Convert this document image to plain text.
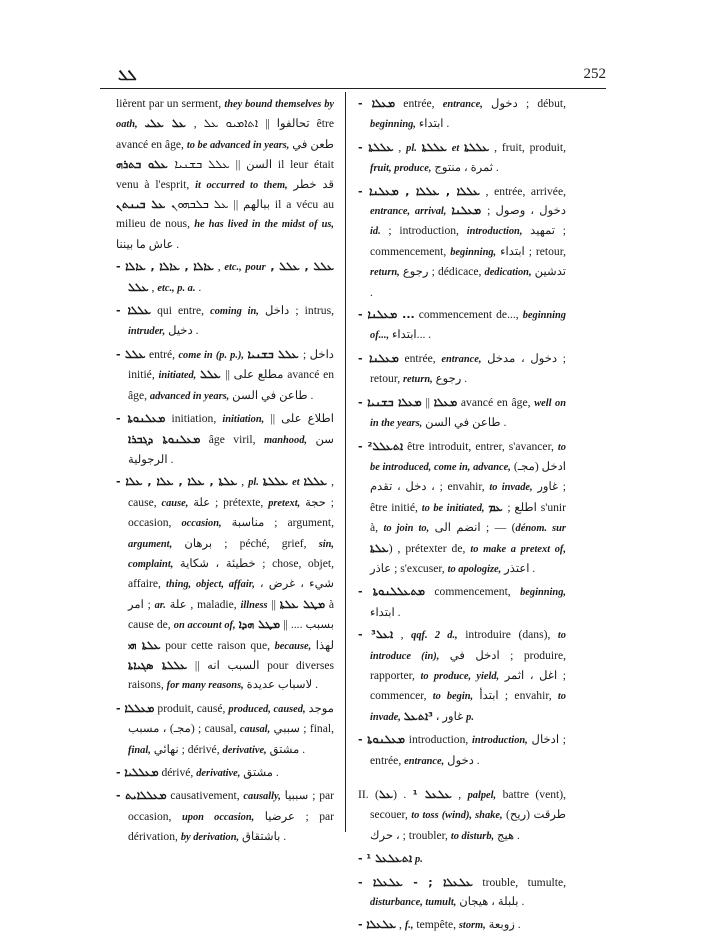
ܠܠ	252

lièrent par un serment, they bound themselves by oath, تحالفوا || ܐܬܐܡܝܘ ܥܠ , ܥܠ ܥܠܝ	être avancé en âge, to be advanced in years, طعن في السن || ܥܠܠ ܒܫܢܝܐ ܥܠܘ ܒܬܪܗ	il leur était venu à l'esprit, it occurred to them, قد خطر ببالهم || ܥܠ ܒܠܒܗܘܢ ܥܠ ܒܝܢܬܢ	il a vécu au milieu de nous, he has lived in the midst of us, عاش ما بيننا .

- ܥܐܠܐ , ܥܐܠܐ , ܥܐܠܐ , etc., pour ܥܠܠ , ܥܠܠ , ܥܠܠ , etc., p. a. .

- ܥܠܠܐ qui entre, coming in, داخل ; intrus, intruder, دخيل .

- ܥܠܠ entré, come in (p. p.), داخل ; ܥܠܠ ܒܫܢܝܐ initié, initiated, مطلع على || ܥܠܠ	avancé en âge, advanced in years, طاعن في السن .

- ܡܥܠܢܘܬܐ initiation, initiation, اطلاع على || ܡܥܠܢܘܬܐ ܕܓܒܪܐ âge viril, manhood, سن الرجولية .

- ܥܠܬܐ , ܥܠܐ , ܥܠܐ , ܥܠܐ , pl. ܥܠܠܬܐ et ܥܠܠܐ , cause, cause, علة ; prétexte, pretext, حجة ; occasion, occasion, مناسبة ; argument, argument, برهان ; péché, grief, sin, complaint, خطيئة ، شكاية ; chose, objet, affaire, thing, object, affair, شيء ، غرض ، امر ; ar. علة , maladie, illness || ܡܛܠ ܥܠܬܐ à cause de, on account of, بسبب .... || ܡܛܠ ܗܕܐ ܥܠܬܐ ܗܝ pour cette raison que, because, لهذا السبب انه || ܥܠܠܬܐ ܣܓܝܐܬܐ	pour diverses raisons, for many reasons, لاسباب عديدة .

- ܡܥܠܠܐ produit, causé, produced, caused, موجد (مجـ) ، مسبب ; causal, causal, سببي ; final, final, نهائي ; dérivé, derivative, مشتق .

- ܡܥܠܠܝܐ dérivé, derivative, مشتق .

- ܡܥܠܠܐܝܬ causativement, causally, سببيا ; par occasion, upon occasion, عرضيا ; par dérivation, by derivation, باشتقاق .

- ܡܥܠܐ entrée, entrance, دخول ; début, beginning, ابتداء .

- ܥܠܠܬܐ , pl. ܥܠܠܬܐ et ܥܠܠܬܐ , fruit, produit, fruit, produce, ثمرة ، منتوج .

- ܥܠܠܐ , ܥܠܠܐ , ܡܥܠܢܐ , entrée, arrivée, entrance, arrival, دخول ، وصول ; ܡܥܠܢܐ id. ; introduction, introduction, تمهيد ; commencement, beginning, ابتداء ; retour, return, رجوع ; dédicace, dedication, تدشين .

- ܡܥܠܢܐ ... commencement de..., beginning of..., ابتداء... .

- ܡܥܠܢܐ entrée, entrance, دخول ، مدخل ; retour, return, رجوع .

- ܡܥܠܐ || ܡܥܠܐ ܒܫܢܝܐ	avancé en âge, well on in the years, طاعن في السن .

- ²ܐܬܥܠܠ être introduit, entrer, s'avancer, to be introduced, come in, advance, ادخل (مجـ) ، دخل ، تقدم ; envahir, to invade, غاور ; être initié, to be initiated, اطلع ; ܥܡ	s'unir à, to join to, انضم الى ; — (dénom. sur ܥܠܬܐ) , prétexter de, to make a pretext of, عاذر ; s'excuser, to apologize, اعتذر .

- ܡܬܥܠܠܢܘܬܐ commencement, beginning, ابتداء .

- ³ܐܥܠ , qqf. 2 d., introduire (dans), to introduce (in), ادخل في ; produire, rapporter, to produce, yield, اغل ، اثمر ; commencer, to begin, ابتدأ ; envahir, to invade, غاور ، ³ܐܬܥܠ	p.

- ܡܥܠܢܘܬܐ introduction, introduction, ادخال ; entrée, entrance, دخول .

II. (ܥܠ) . ܥܠܥܠ ¹ , palpel, battre (vent), secouer, to toss (wind), shake, طرقت (ريح) ، حرك ; troubler, to disturb, هيج .

- ܐܬܥܠܥܠ ¹ p.

- ܥܠܥܠܐ ; - ܥܠܥܠܐ trouble, tumulte, disturbance, tumult, بلبلة ، هيجان .

- ܥܠܥܠܐ , f., tempête, storm, زوبعة .
